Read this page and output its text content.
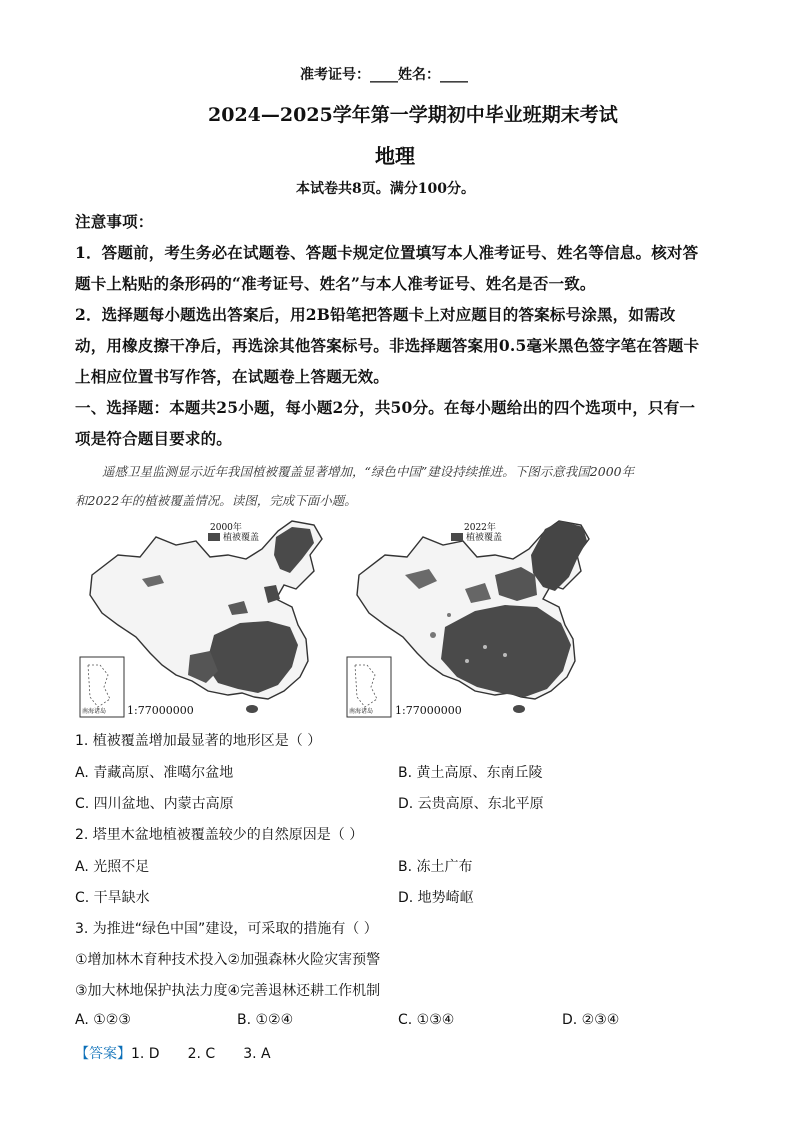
准考证号：____姓名：____
2024—2025学年第一学期初中毕业班期末考试
地理
本试卷共8页。满分100分。
注意事项：
1．答题前，考生务必在试题卷、答题卡规定位置填写本人准考证号、姓名等信息。核对答
题卡上粘贴的条形码的“准考证号、姓名”与本人准考证号、姓名是否一致。
2．选择题每小题选出答案后，用2B铅笔把答题卡上对应题目的答案标号涂黑，如需改
动，用橡皮擦干净后，再选涂其他答案标号。非选择题答案用0.5毫米黑色签字笔在答题卡
上相应位置书写作答，在试题卷上答题无效。
一、选择题：本题共25小题，每小题2分，共50分。在每小题给出的四个选项中，只有一
项是符合题目要求的。
遥感卫星监测显示近年我国植被覆盖显著增加，“绿色中国”建设持续推进。下图示意我国2000年
和2022年的植被覆盖情况。读图，完成下面小题。
2000年
植被覆盖
南海诸岛 1:77000000
2022年
植被覆盖
南海诸岛 1:77000000
1. 植被覆盖增加最显著的地形区是（ ）
A. 青藏高原、准噶尔盆地	B. 黄土高原、东南丘陵
C. 四川盆地、内蒙古高原	D. 云贵高原、东北平原
2. 塔里木盆地植被覆盖较少的自然原因是（ ）
A. 光照不足	B. 冻土广布
C. 干旱缺水	D. 地势崎岖
3. 为推进“绿色中国”建设，可采取的措施有（ ）
①增加林木育种技术投入②加强森林火险灾害预警
③加大林地保护执法力度④完善退林还耕工作机制
A. ①②③	B. ①②④	C. ①③④	D. ②③④
【答案】1. D 2. C 3. A
